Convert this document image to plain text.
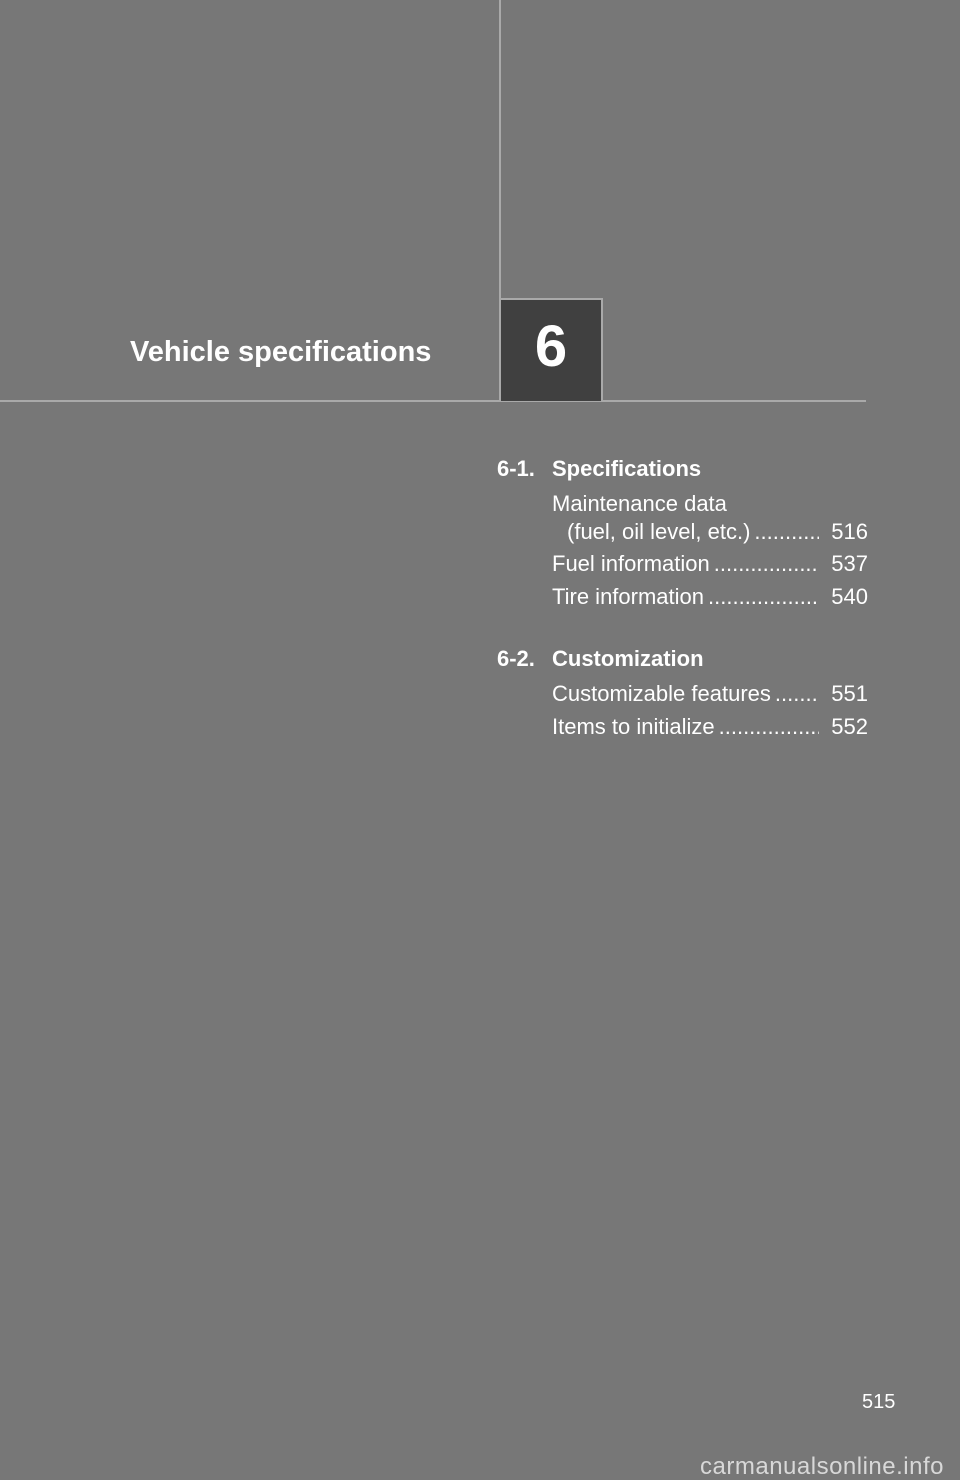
Vehicle specifications	6
6-1. Specifications
Maintenance data
(fuel, oil level, etc.) .....	516
Fuel information .....	537
Tire information .....	540
6-2. Customization
Customizable features .....	551
Items to initialize .....	552
515
carmanualsonline.info
